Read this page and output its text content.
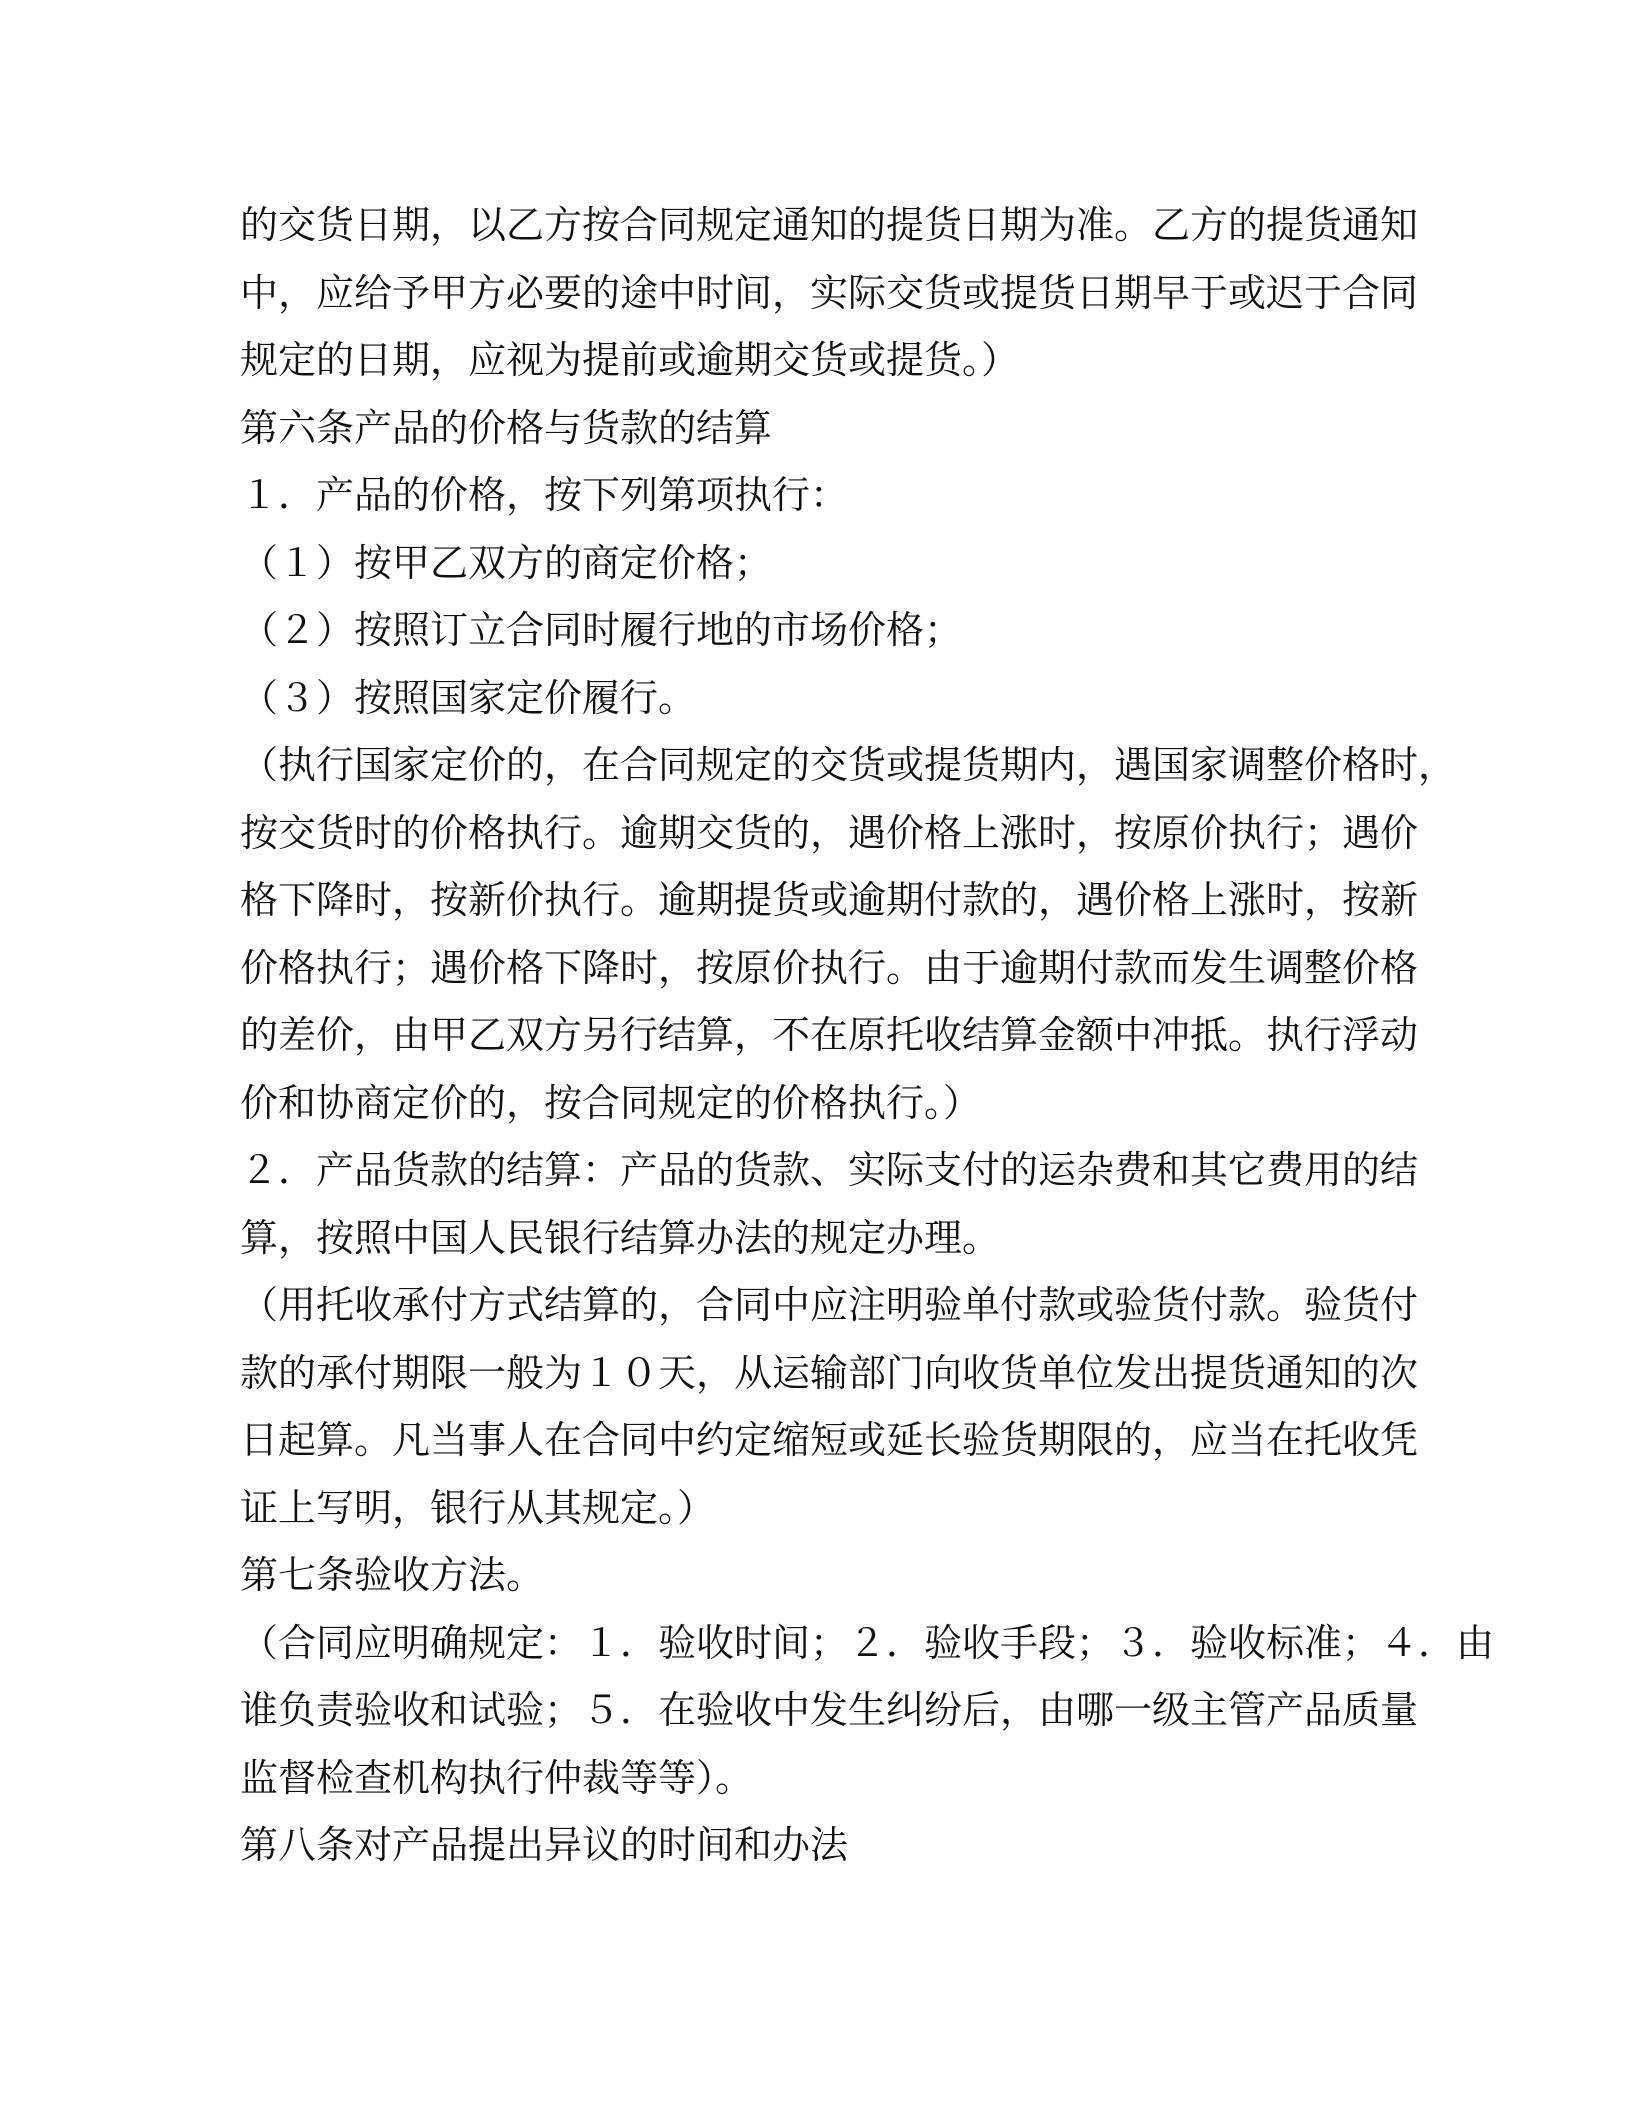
的交货日期，以乙方按合同规定通知的提货日期为准。乙方的提货通知
中，应给予甲方必要的途中时间，实际交货或提货日期早于或迟于合同
规定的日期，应视为提前或逾期交货或提货。）
第六条产品的价格与货款的结算
１．产品的价格，按下列第项执行：
（１）按甲乙双方的商定价格；
（２）按照订立合同时履行地的市场价格；
（３）按照国家定价履行。
（执行国家定价的，在合同规定的交货或提货期内，遇国家调整价格时，
按交货时的价格执行。逾期交货的，遇价格上涨时，按原价执行；遇价
格下降时，按新价执行。逾期提货或逾期付款的，遇价格上涨时，按新
价格执行；遇价格下降时，按原价执行。由于逾期付款而发生调整价格
的差价，由甲乙双方另行结算，不在原托收结算金额中冲抵。执行浮动
价和协商定价的，按合同规定的价格执行。）
２．产品货款的结算：产品的货款、实际支付的运杂费和其它费用的结
算，按照中国人民银行结算办法的规定办理。
（用托收承付方式结算的，合同中应注明验单付款或验货付款。验货付
款的承付期限一般为１０天，从运输部门向收货单位发出提货通知的次
日起算。凡当事人在合同中约定缩短或延长验货期限的，应当在托收凭
证上写明，银行从其规定。）
第七条验收方法。
（合同应明确规定：１．验收时间；２．验收手段；３．验收标准；４．由
谁负责验收和试验；５．在验收中发生纠纷后，由哪一级主管产品质量
监督检查机构执行仲裁等等）。
第八条对产品提出异议的时间和办法
